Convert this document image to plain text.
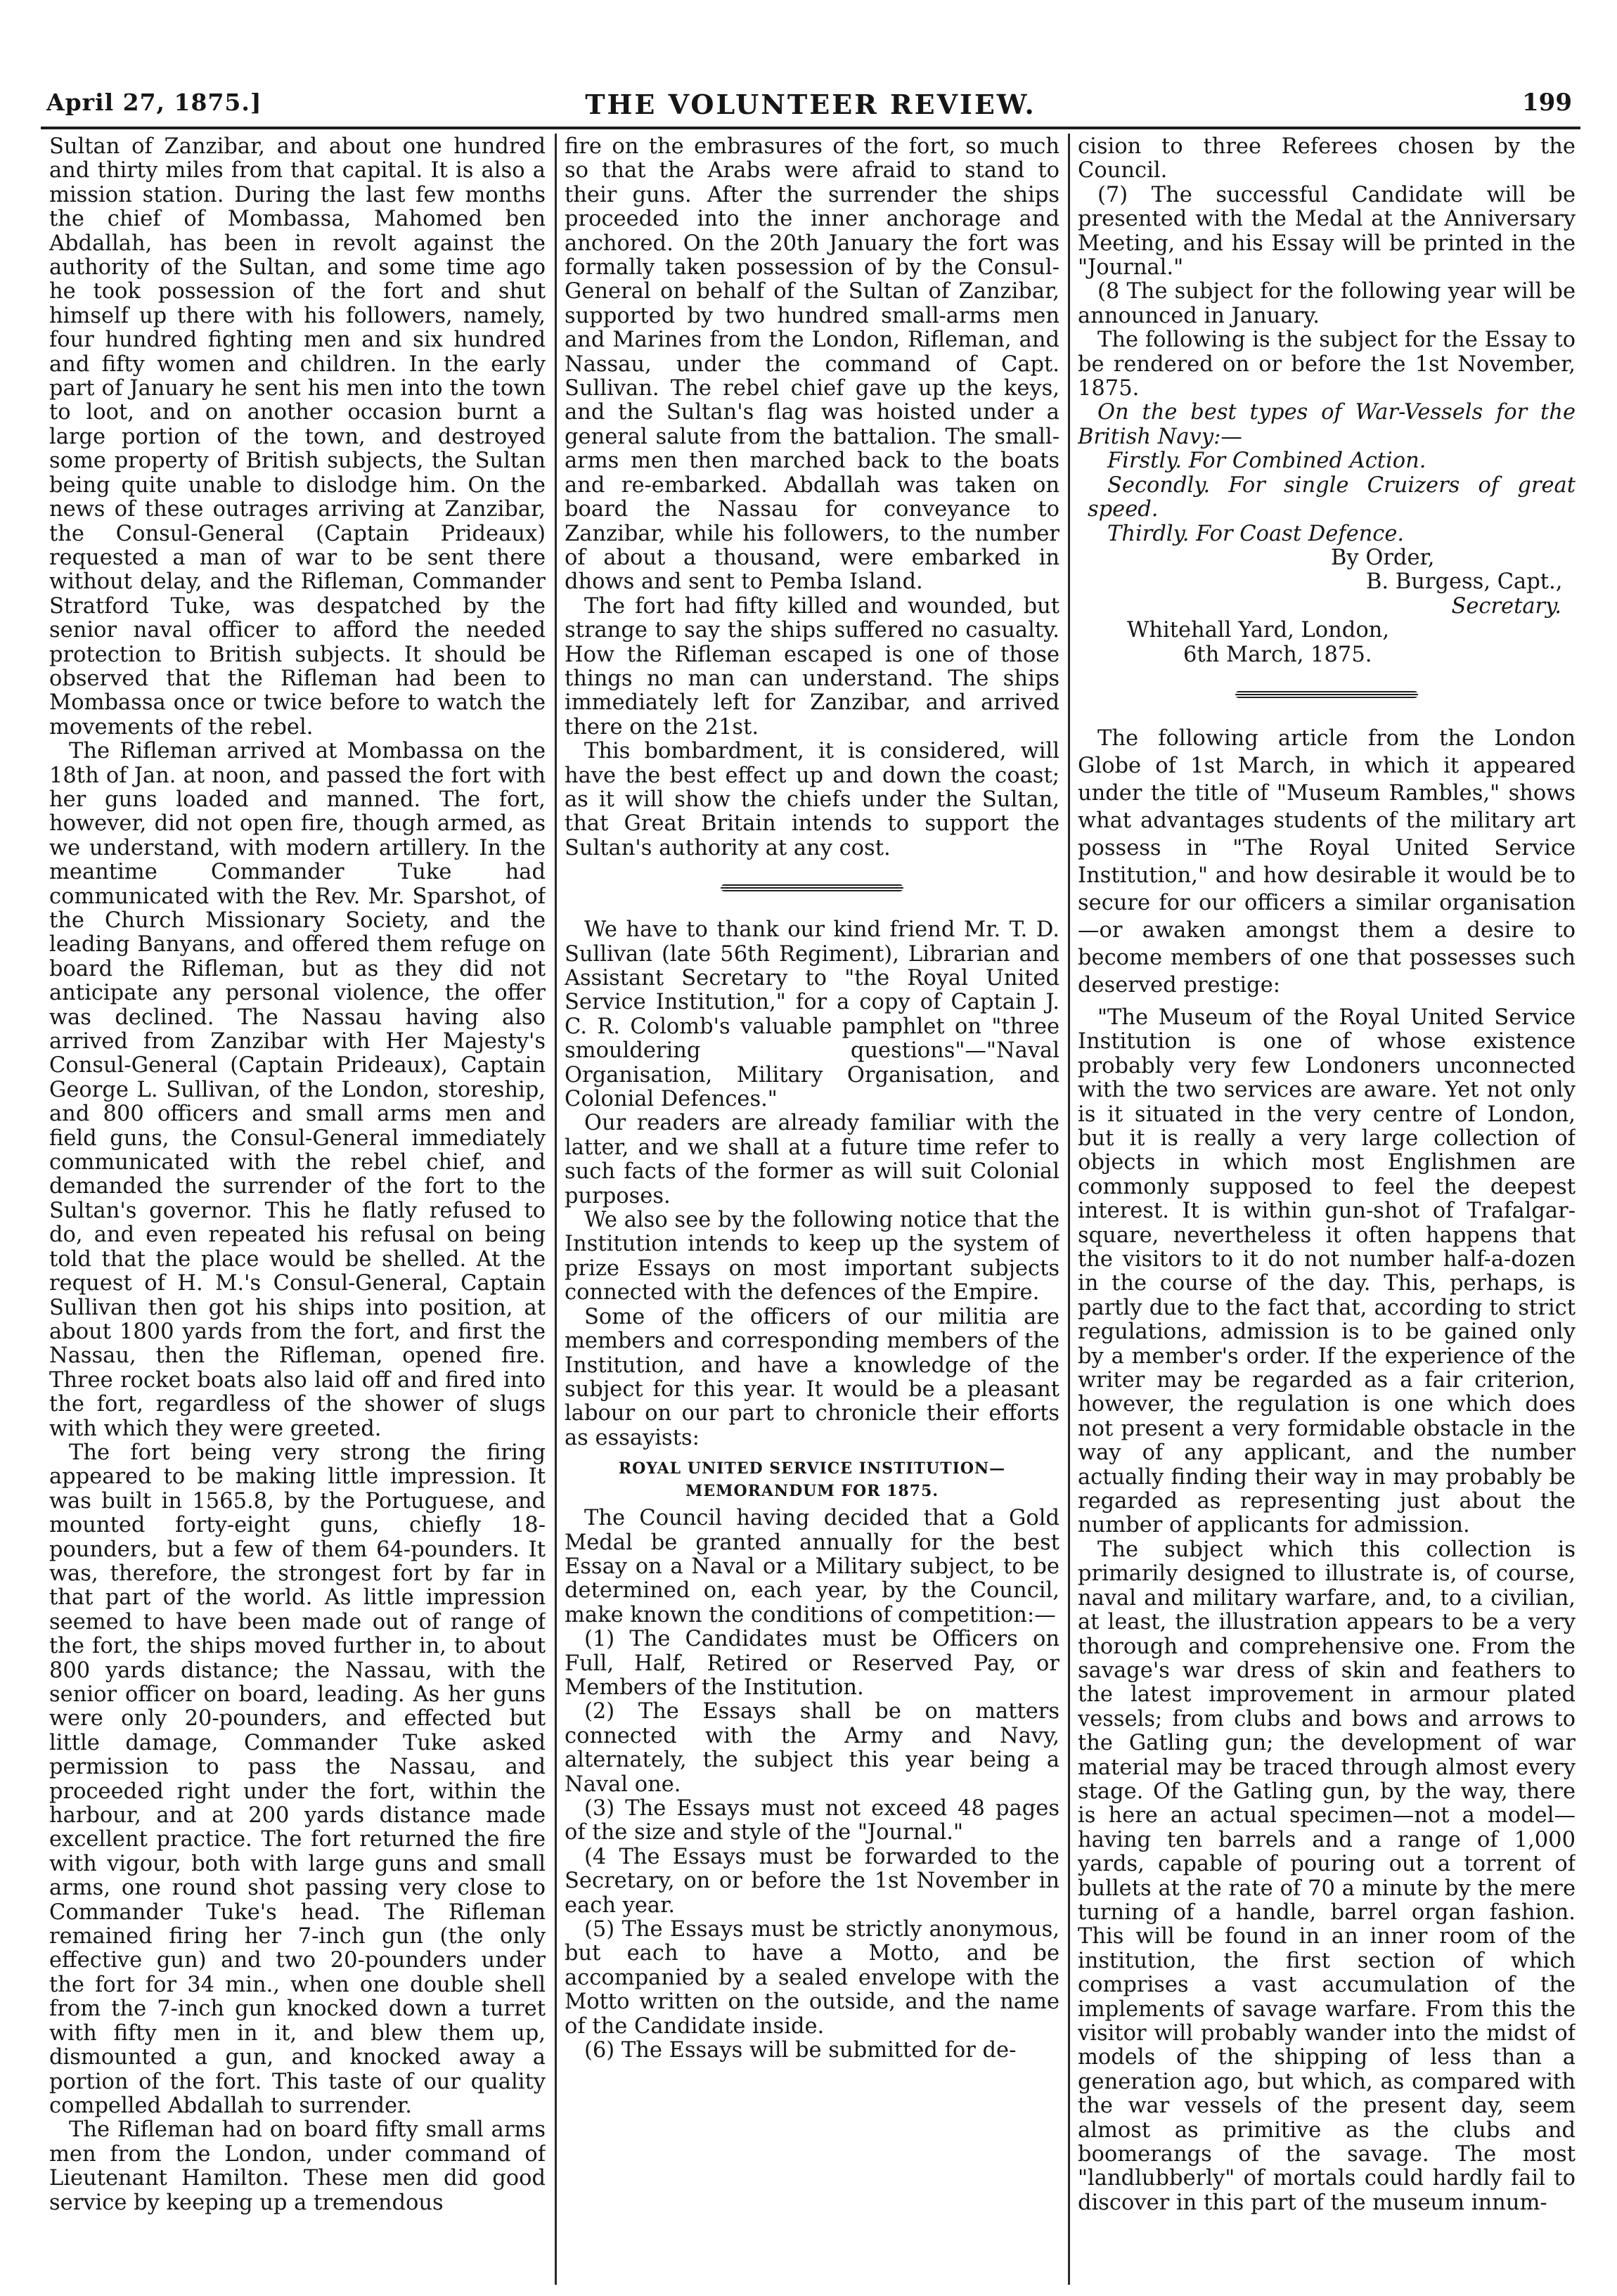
April 27, 1875.]	THE VOLUNTEER REVIEW.	199

Sultan of Zanzibar, and about one hundred and thirty miles from that capital. It is also a mission station. During the last few months the chief of Mombassa, Mahomed ben Abdallah, has been in revolt against the authority of the Sultan, and some time ago he took possession of the fort and shut himself up there with his followers, namely, four hundred fighting men and six hundred and fifty women and children. In the early part of January he sent his men into the town to loot, and on another occasion burnt a large portion of the town, and destroyed some property of British subjects, the Sultan being quite unable to dislodge him. On the news of these outrages arriving at Zanzibar, the Consul-General (Captain Prideaux) requested a man of war to be sent there without delay, and the Rifleman, Commander Stratford Tuke, was despatched by the senior naval officer to afford the needed protection to British subjects. It should be observed that the Rifleman had been to Mombassa once or twice before to watch the movements of the rebel.

The Rifleman arrived at Mombassa on the 18th of Jan. at noon, and passed the fort with her guns loaded and manned. The fort, however, did not open fire, though armed, as we understand, with modern artillery. In the meantime Commander Tuke had communicated with the Rev. Mr. Sparshot, of the Church Missionary Society, and the leading Banyans, and offered them refuge on board the Rifleman, but as they did not anticipate any personal violence, the offer was declined. The Nassau having also arrived from Zanzibar with Her Majesty's Consul-General (Captain Prideaux), Captain George L. Sullivan, of the London, storeship, and 800 officers and small arms men and field guns, the Consul-General immediately communicated with the rebel chief, and demanded the surrender of the fort to the Sultan's governor. This he flatly refused to do, and even repeated his refusal on being told that the place would be shelled. At the request of H. M.'s Consul-General, Captain Sullivan then got his ships into position, at about 1800 yards from the fort, and first the Nassau, then the Rifleman, opened fire. Three rocket boats also laid off and fired into the fort, regardless of the shower of slugs with which they were greeted.

The fort being very strong the firing appeared to be making little impression. It was built in 1565.8, by the Portuguese, and mounted forty-eight guns, chiefly 18-pounders, but a few of them 64-pounders. It was, therefore, the strongest fort by far in that part of the world. As little impression seemed to have been made out of range of the fort, the ships moved further in, to about 800 yards distance; the Nassau, with the senior officer on board, leading. As her guns were only 20-pounders, and effected but little damage, Commander Tuke asked permission to pass the Nassau, and proceeded right under the fort, within the harbour, and at 200 yards distance made excellent practice. The fort returned the fire with vigour, both with large guns and small arms, one round shot passing very close to Commander Tuke's head. The Rifleman remained firing her 7-inch gun (the only effective gun) and two 20-pounders under the fort for 34 min., when one double shell from the 7-inch gun knocked down a turret with fifty men in it, and blew them up, dismounted a gun, and knocked away a portion of the fort. This taste of our quality compelled Abdallah to surrender.

The Rifleman had on board fifty small arms men from the London, under command of Lieutenant Hamilton. These men did good service by keeping up a tremendous

fire on the embrasures of the fort, so much so that the Arabs were afraid to stand to their guns. After the surrender the ships proceeded into the inner anchorage and anchored. On the 20th January the fort was formally taken possession of by the Consul-General on behalf of the Sultan of Zanzibar, supported by two hundred small-arms men and Marines from the London, Rifleman, and Nassau, under the command of Capt. Sullivan. The rebel chief gave up the keys, and the Sultan's flag was hoisted under a general salute from the battalion. The small-arms men then marched back to the boats and re-embarked. Abdallah was taken on board the Nassau for conveyance to Zanzibar, while his followers, to the number of about a thousand, were embarked in dhows and sent to Pemba Island.

The fort had fifty killed and wounded, but strange to say the ships suffered no casualty. How the Rifleman escaped is one of those things no man can understand. The ships immediately left for Zanzibar, and arrived there on the 21st.

This bombardment, it is considered, will have the best effect up and down the coast; as it will show the chiefs under the Sultan, that Great Britain intends to support the Sultan's authority at any cost.

We have to thank our kind friend Mr. T. D. Sullivan (late 56th Regiment), Librarian and Assistant Secretary to "the Royal United Service Institution," for a copy of Captain J. C. R. Colomb's valuable pamphlet on "three smouldering questions"—"Naval Organisation, Military Organisation, and Colonial Defences."

Our readers are already familiar with the latter, and we shall at a future time refer to such facts of the former as will suit Colonial purposes.

We also see by the following notice that the Institution intends to keep up the system of prize Essays on most important subjects connected with the defences of the Empire.

Some of the officers of our militia are members and corresponding members of the Institution, and have a knowledge of the subject for this year. It would be a pleasant labour on our part to chronicle their efforts as essayists:

ROYAL UNITED SERVICE INSTITUTION—MEMORANDUM FOR 1875.

The Council having decided that a Gold Medal be granted annually for the best Essay on a Naval or a Military subject, to be determined on, each year, by the Council, make known the conditions of competition:—

(1) The Candidates must be Officers on Full, Half, Retired or Reserved Pay, or Members of the Institution.

(2) The Essays shall be on matters connected with the Army and Navy, alternately, the subject this year being a Naval one.

(3) The Essays must not exceed 48 pages of the size and style of the "Journal."

(4 The Essays must be forwarded to the Secretary, on or before the 1st November in each year.

(5) The Essays must be strictly anonymous, but each to have a Motto, and be accompanied by a sealed envelope with the Motto written on the outside, and the name of the Candidate inside.

(6) The Essays will be submitted for de-

cision to three Referees chosen by the Council.

(7) The successful Candidate will be presented with the Medal at the Anniversary Meeting, and his Essay will be printed in the "Journal."

(8 The subject for the following year will be announced in January.

The following is the subject for the Essay to be rendered on or before the 1st November, 1875.

On the best types of War-Vessels for the British Navy:—

Firstly. For Combined Action.

Secondly. For single Cruizers of great speed.

Thirdly. For Coast Defence.

By Order,

B. Burgess, Capt.,

Secretary.

Whitehall Yard, London,

6th March, 1875.

The following article from the London Globe of 1st March, in which it appeared under the title of "Museum Rambles," shows what advantages students of the military art possess in "The Royal United Service Institution," and how desirable it would be to secure for our officers a similar organisation—or awaken amongst them a desire to become members of one that possesses such deserved prestige:

"The Museum of the Royal United Service Institution is one of whose existence probably very few Londoners unconnected with the two services are aware. Yet not only is it situated in the very centre of London, but it is really a very large collection of objects in which most Englishmen are commonly supposed to feel the deepest interest. It is within gun-shot of Trafalgar-square, nevertheless it often happens that the visitors to it do not number half-a-dozen in the course of the day. This, perhaps, is partly due to the fact that, according to strict regulations, admission is to be gained only by a member's order. If the experience of the writer may be regarded as a fair criterion, however, the regulation is one which does not present a very formidable obstacle in the way of any applicant, and the number actually finding their way in may probably be regarded as representing just about the number of applicants for admission.

The subject which this collection is primarily designed to illustrate is, of course, naval and military warfare, and, to a civilian, at least, the illustration appears to be a very thorough and comprehensive one. From the savage's war dress of skin and feathers to the latest improvement in armour plated vessels; from clubs and bows and arrows to the Gatling gun; the development of war material may be traced through almost every stage. Of the Gatling gun, by the way, there is here an actual specimen—not a model—having ten barrels and a range of 1,000 yards, capable of pouring out a torrent of bullets at the rate of 70 a minute by the mere turning of a handle, barrel organ fashion. This will be found in an inner room of the institution, the first section of which comprises a vast accumulation of the implements of savage warfare. From this the visitor will probably wander into the midst of models of the shipping of less than a generation ago, but which, as compared with the war vessels of the present day, seem almost as primitive as the clubs and boomerangs of the savage. The most "landlubberly" of mortals could hardly fail to discover in this part of the museum innum-
